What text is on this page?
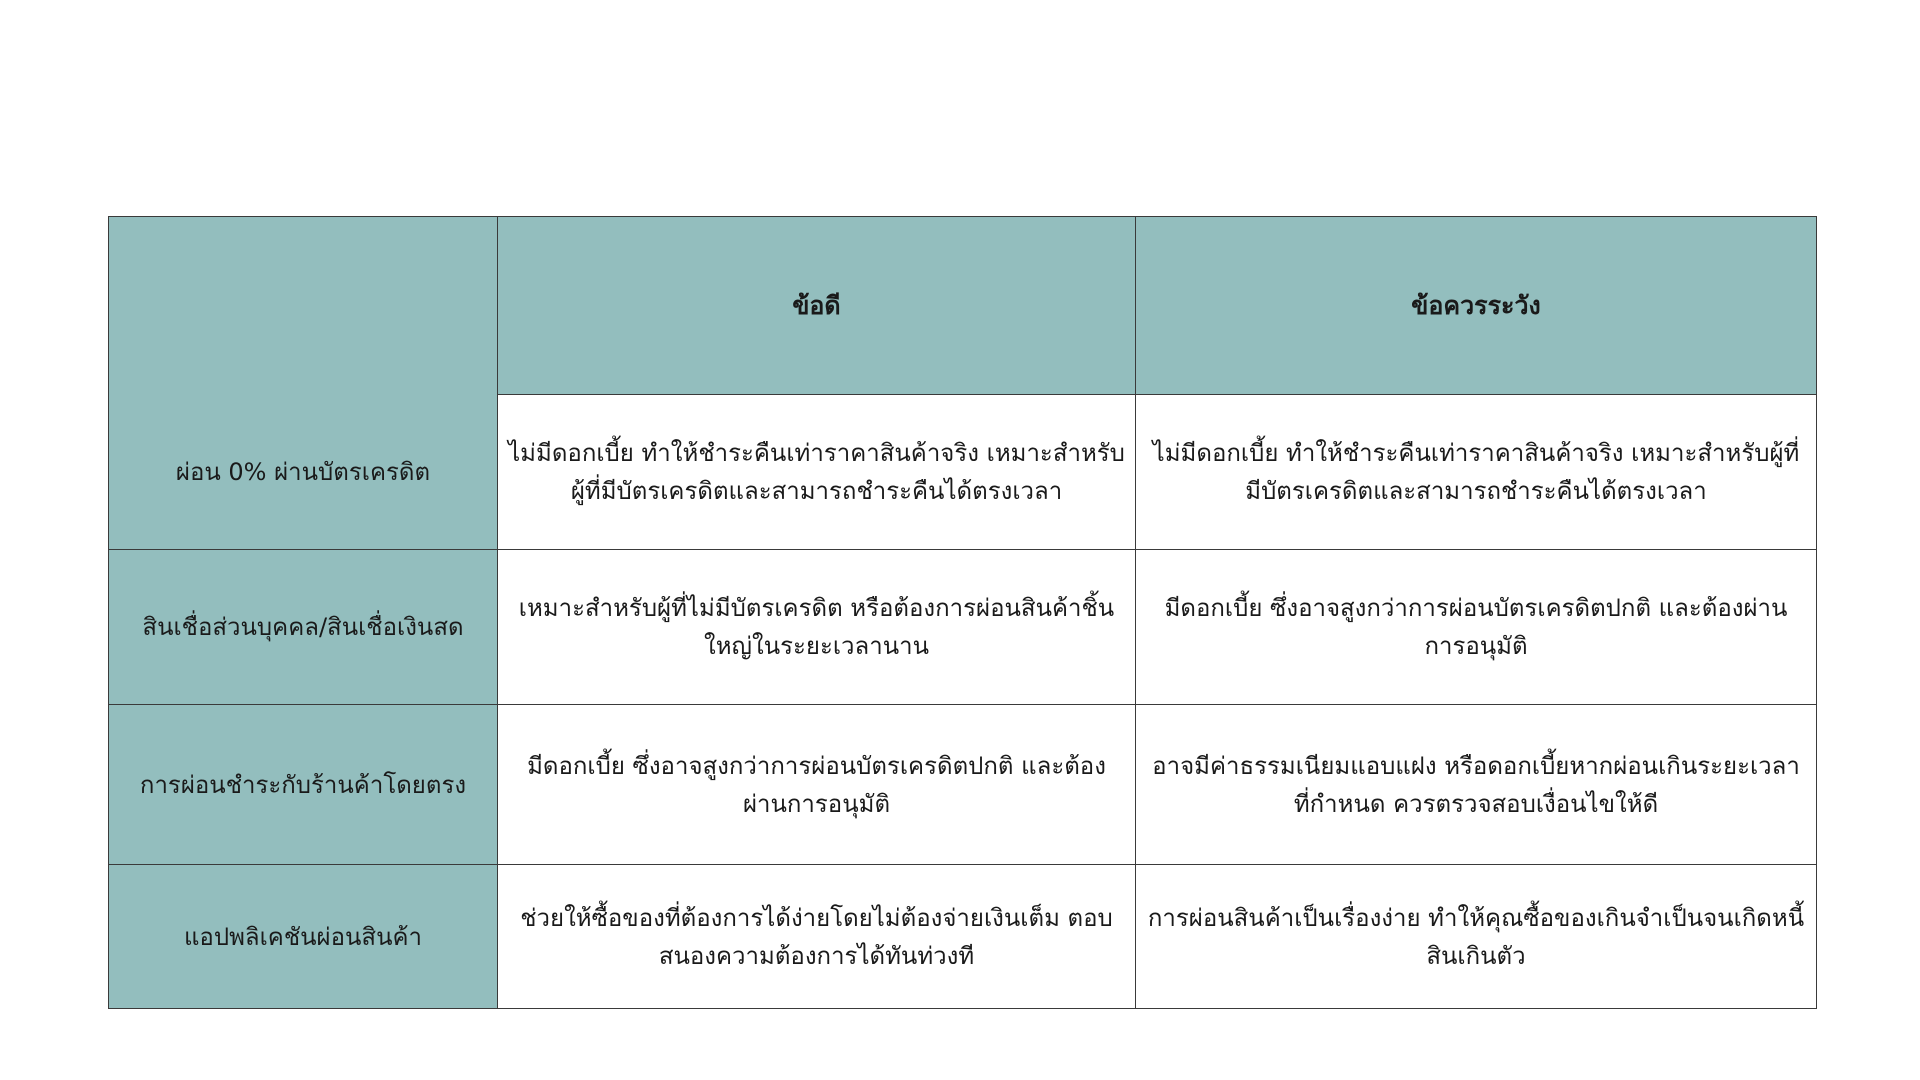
	ข้อดี	ข้อควรระวัง
ผ่อน 0% ผ่านบัตรเครดิต	ไม่มีดอกเบี้ย ทำให้ชำระคืนเท่าราคาสินค้าจริง เหมาะสำหรับผู้ที่มีบัตรเครดิตและสามารถชำระคืนได้ตรงเวลา	ไม่มีดอกเบี้ย ทำให้ชำระคืนเท่าราคาสินค้าจริง เหมาะสำหรับผู้ที่มีบัตรเครดิตและสามารถชำระคืนได้ตรงเวลา
สินเชื่อส่วนบุคคล/สินเชื่อเงินสด	เหมาะสำหรับผู้ที่ไม่มีบัตรเครดิต หรือต้องการผ่อนสินค้าชิ้นใหญ่ในระยะเวลานาน	มีดอกเบี้ย ซึ่งอาจสูงกว่าการผ่อนบัตรเครดิตปกติ และต้องผ่านการอนุมัติ
การผ่อนชำระกับร้านค้าโดยตรง	มีดอกเบี้ย ซึ่งอาจสูงกว่าการผ่อนบัตรเครดิตปกติ และต้องผ่านการอนุมัติ	อาจมีค่าธรรมเนียมแอบแฝง หรือดอกเบี้ยหากผ่อนเกินระยะเวลาที่กำหนด ควรตรวจสอบเงื่อนไขให้ดี
แอปพลิเคชันผ่อนสินค้า	ช่วยให้ซื้อของที่ต้องการได้ง่ายโดยไม่ต้องจ่ายเงินเต็ม ตอบสนองความต้องการได้ทันท่วงที	การผ่อนสินค้าเป็นเรื่องง่าย ทำให้คุณซื้อของเกินจำเป็นจนเกิดหนี้สินเกินตัว
